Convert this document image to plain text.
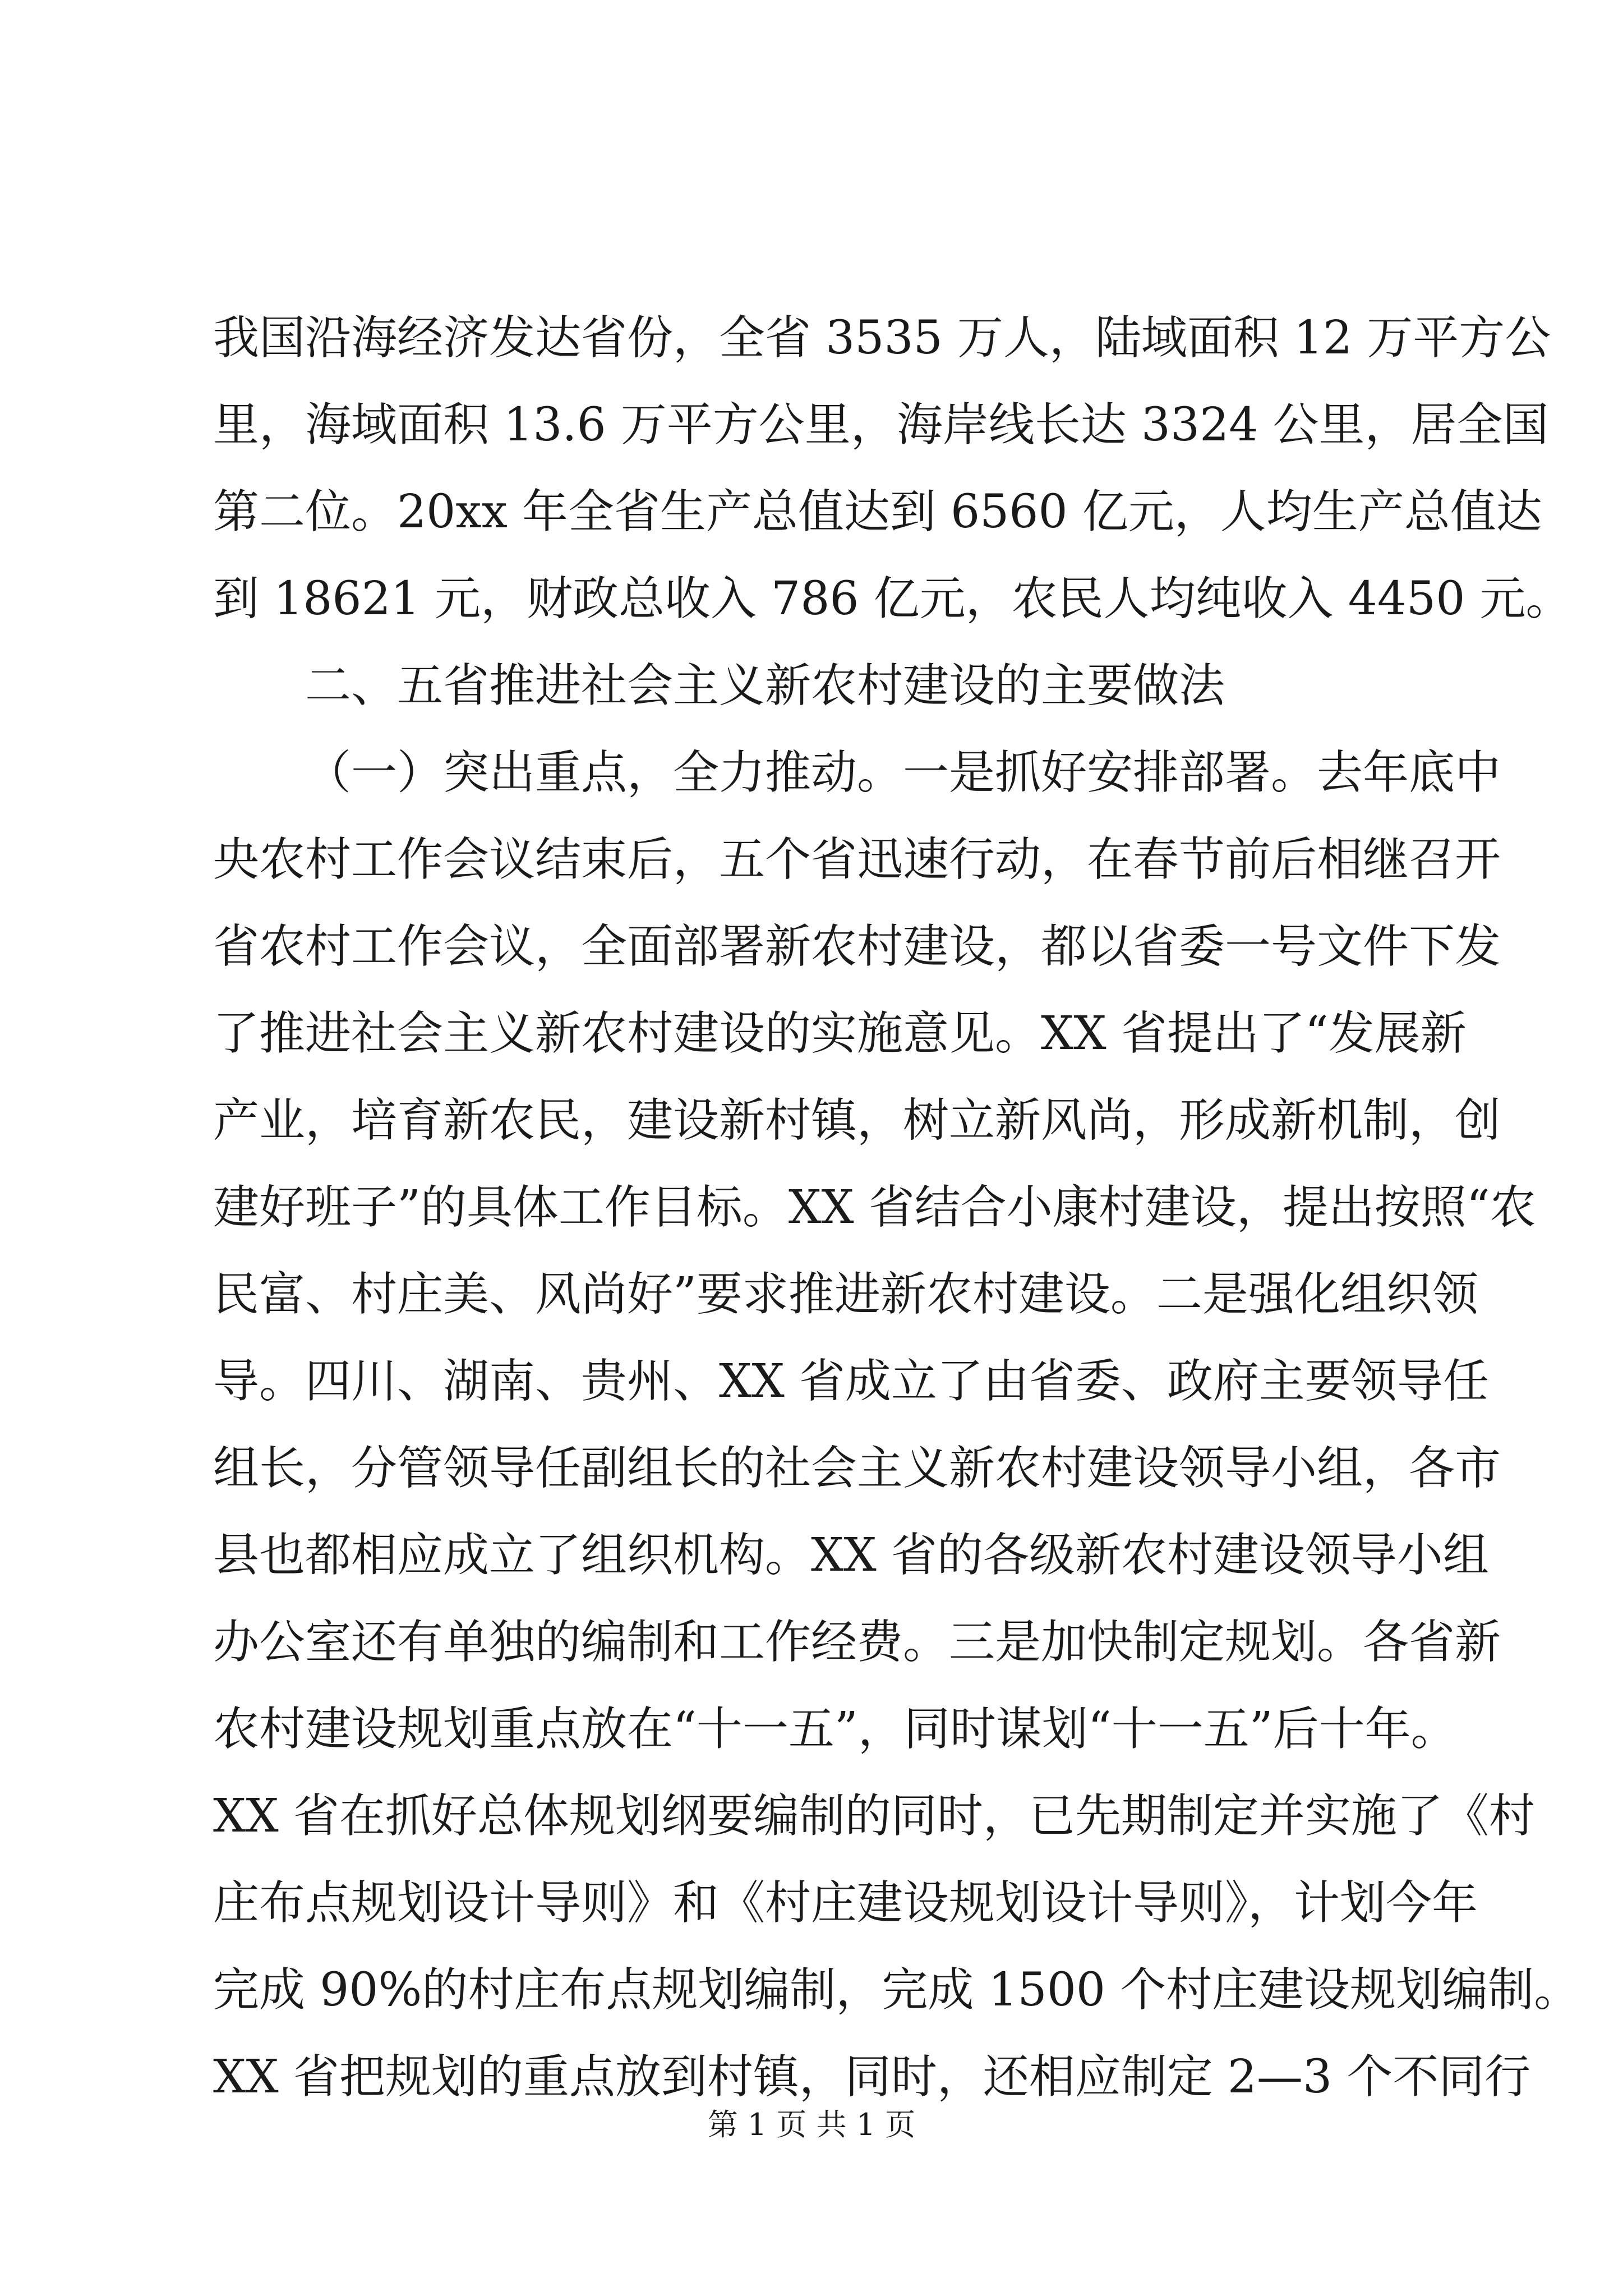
我国沿海经济发达省份，全省 3535 万人，陆域面积 12 万平方公

里，海域面积 13.6 万平方公里，海岸线长达 3324 公里，居全国

第二位。20xx 年全省生产总值达到 6560 亿元，人均生产总值达

到 18621 元，财政总收入 786 亿元，农民人均纯收入 4450 元。

二、五省推进社会主义新农村建设的主要做法

（一）突出重点，全力推动。一是抓好安排部署。去年底中

央农村工作会议结束后，五个省迅速行动，在春节前后相继召开

省农村工作会议，全面部署新农村建设，都以省委一号文件下发

了推进社会主义新农村建设的实施意见。XX 省提出了“发展新

产业，培育新农民，建设新村镇，树立新风尚，形成新机制，创

建好班子”的具体工作目标。XX 省结合小康村建设，提出按照“农

民富、村庄美、风尚好”要求推进新农村建设。二是强化组织领

导。四川、湖南、贵州、XX 省成立了由省委、政府主要领导任

组长，分管领导任副组长的社会主义新农村建设领导小组，各市

县也都相应成立了组织机构。XX 省的各级新农村建设领导小组

办公室还有单独的编制和工作经费。三是加快制定规划。各省新

农村建设规划重点放在“十一五”，同时谋划“十一五”后十年。

XX 省在抓好总体规划纲要编制的同时，已先期制定并实施了《村

庄布点规划设计导则》和《村庄建设规划设计导则》，计划今年

完成 90%的村庄布点规划编制，完成 1500 个村庄建设规划编制。

XX 省把规划的重点放到村镇，同时，还相应制定 2—3 个不同行

第 1 页 共 1 页
